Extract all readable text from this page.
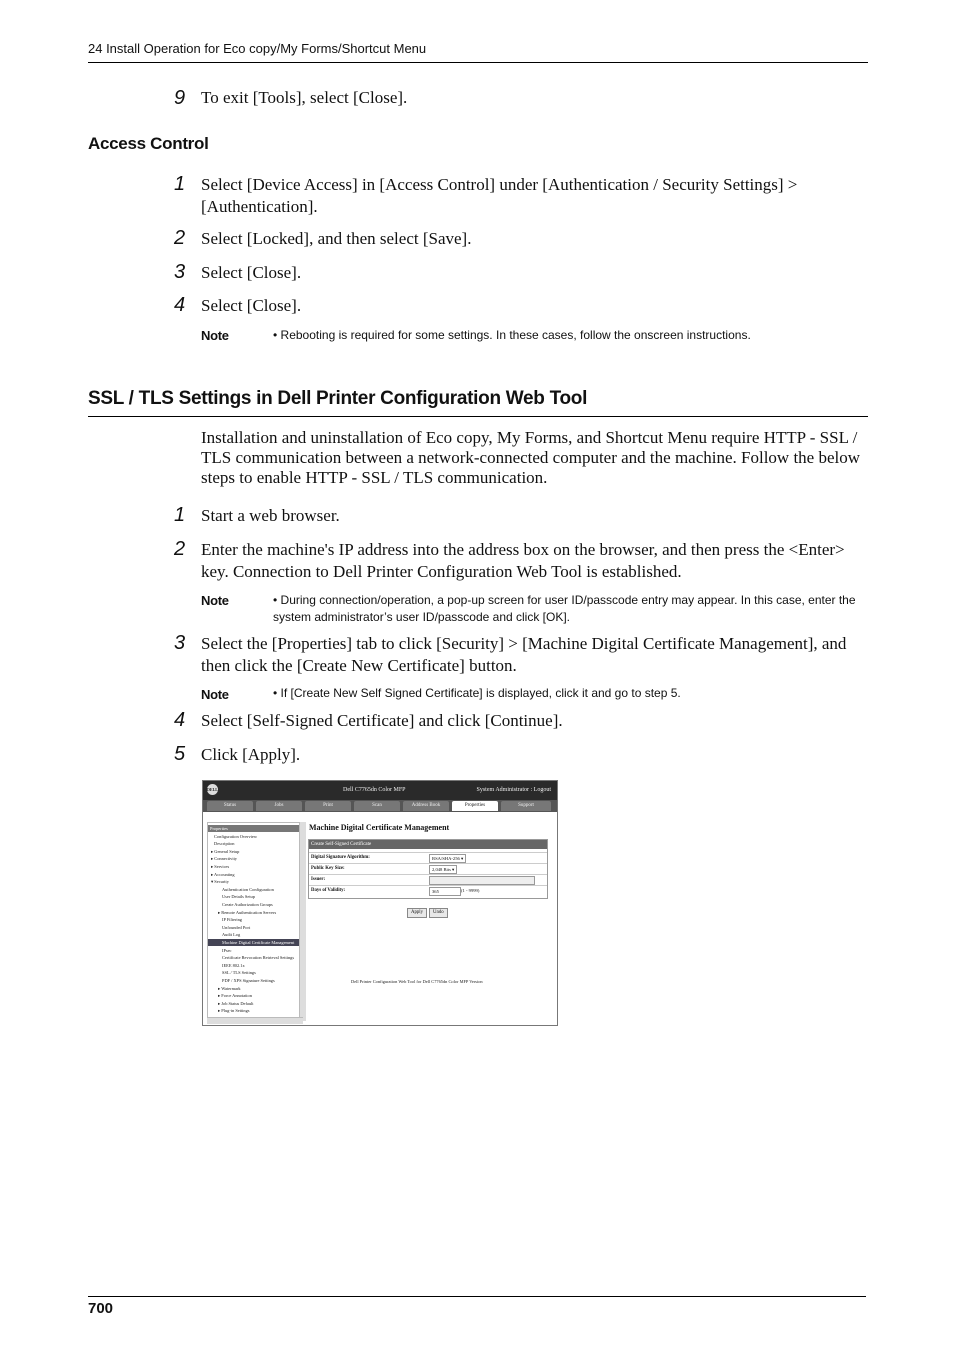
24 Install Operation for Eco copy/My Forms/Shortcut Menu
9 To exit [Tools], select [Close].
Access Control
1 Select [Device Access] in [Access Control] under [Authentication / Security Settings] > [Authentication].
2 Select [Locked], and then select [Save].
3 Select [Close].
4 Select [Close].
Note	• Rebooting is required for some settings. In these cases, follow the onscreen instructions.
SSL / TLS Settings in Dell Printer Configuration Web Tool
Installation and uninstallation of Eco copy, My Forms, and Shortcut Menu require HTTP - SSL / TLS communication between a network-connected computer and the machine. Follow the below steps to enable HTTP - SSL / TLS communication.
1 Start a web browser.
2 Enter the machine's IP address into the address box on the browser, and then press the <Enter> key. Connection to Dell Printer Configuration Web Tool is established.
Note	• During connection/operation, a pop-up screen for user ID/passcode entry may appear. In this case, enter the system administrator’s user ID/passcode and click [OK].
3 Select the [Properties] tab to click [Security] > [Machine Digital Certificate Management], and then click the [Create New Certificate] button.
Note	• If [Create New Self Signed Certificate] is displayed, click it and go to step 5.
4 Select [Self-Signed Certificate] and click [Continue].
5 Click [Apply].
DELL	Dell C7765dn Color MFP	System Administrator : Logout
Status	Jobs	Print	Scan	Address Book	Properties	Support
Properties
Configuration Overview
Description
▸ General Setup
▸ Connectivity
▸ Services
▸ Accounting
▾ Security
Authentication Configuration
User Details Setup
Create Authorization Groups
▸ Remote Authentication Servers
IP Filtering
Unfounded Port
Audit Log
Machine Digital Certificate Management
IPsec
Certificate Revocation Retrieval Settings
IEEE 802.1x
SSL / TLS Settings
PDF / XPS Signature Settings
▸ Watermark
▸ Force Annotation
▸ Job Status Default
▸ Plug-in Settings
Machine Digital Certificate Management
Create Self-Signed Certificate
Digital Signature Algorithm:	RSA/SHA-256 ▾
Public Key Size:	2,048 Bits ▾
Issuer:
Days of Validity:	365	(1 - 9999)
Apply	Undo
Dell Printer Configuration Web Tool for Dell C7765dn Color MFP Version
700
